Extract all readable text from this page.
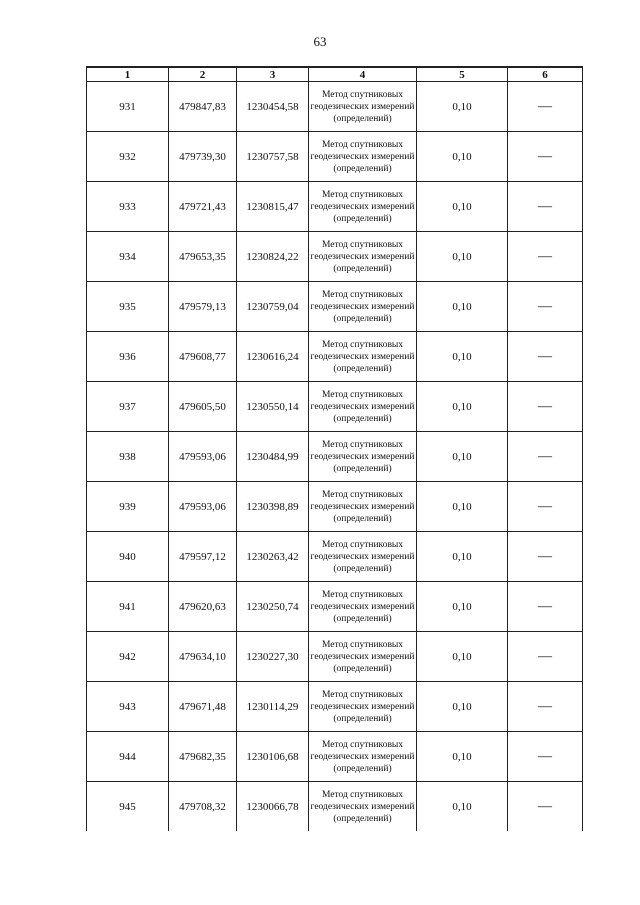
63
1	2	3	4	5	6
931	479847,83	1230454,58	Метод спутниковых геодезических измерений (определений)	0,10	—
932	479739,30	1230757,58	Метод спутниковых геодезических измерений (определений)	0,10	—
933	479721,43	1230815,47	Метод спутниковых геодезических измерений (определений)	0,10	—
934	479653,35	1230824,22	Метод спутниковых геодезических измерений (определений)	0,10	—
935	479579,13	1230759,04	Метод спутниковых геодезических измерений (определений)	0,10	—
936	479608,77	1230616,24	Метод спутниковых геодезических измерений (определений)	0,10	—
937	479605,50	1230550,14	Метод спутниковых геодезических измерений (определений)	0,10	—
938	479593,06	1230484,99	Метод спутниковых геодезических измерений (определений)	0,10	—
939	479593,06	1230398,89	Метод спутниковых геодезических измерений (определений)	0,10	—
940	479597,12	1230263,42	Метод спутниковых геодезических измерений (определений)	0,10	—
941	479620,63	1230250,74	Метод спутниковых геодезических измерений (определений)	0,10	—
942	479634,10	1230227,30	Метод спутниковых геодезических измерений (определений)	0,10	—
943	479671,48	1230114,29	Метод спутниковых геодезических измерений (определений)	0,10	—
944	479682,35	1230106,68	Метод спутниковых геодезических измерений (определений)	0,10	—
945	479708,32	1230066,78	Метод спутниковых геодезических измерений (определений)	0,10	—
